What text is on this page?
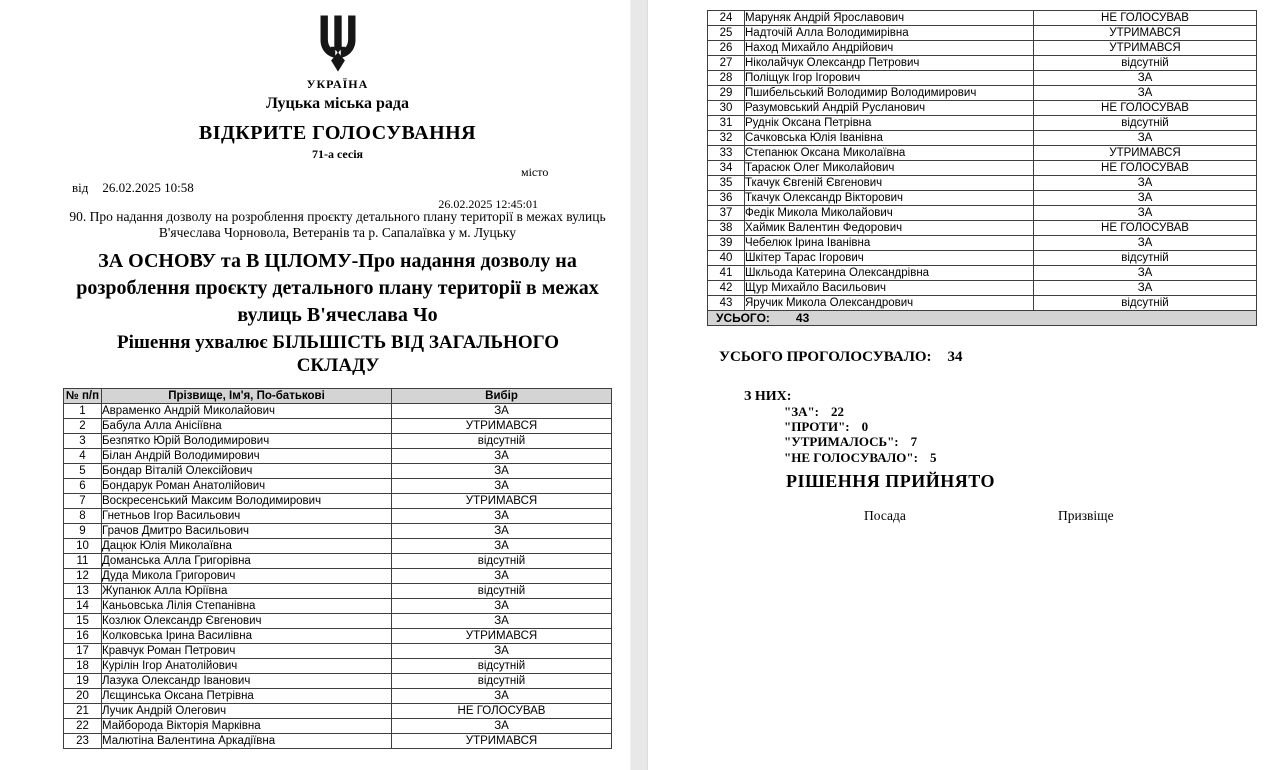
УКРАЇНА
Луцька міська рада
ВІДКРИТЕ ГОЛОСУВАННЯ
71-а сесія
місто
від 26.02.2025 10:58
26.02.2025 12:45:01
90. Про надання дозволу на розроблення проєкту детального плану території в межах вулиць
В'ячеслава Чорновола, Ветеранів та р. Сапалаївка у м. Луцьку
ЗА ОСНОВУ та В ЦІЛОМУ-Про надання дозволу на розроблення проєкту детального плану території в межах вулиць В'ячеслава Чо
Рішення ухвалює БІЛЬШІСТЬ ВІД ЗАГАЛЬНОГО СКЛАДУ
№ п/п	Прізвище, Ім'я, По-батькові	Вибір
1	Авраменко Андрій Миколайович	ЗА
2	Бабула Алла Анісіївна	УТРИМАВСЯ
3	Безпятко Юрій Володимирович	відсутній
4	Білан Андрій Володимирович	ЗА
5	Бондар Віталій Олексійович	ЗА
6	Бондарук Роман Анатолійович	ЗА
7	Воскресенський Максим Володимирович	УТРИМАВСЯ
8	Гнетньов Ігор Васильович	ЗА
9	Грачов Дмитро Васильович	ЗА
10	Дацюк Юлія Миколаївна	ЗА
11	Доманська Алла Григорівна	відсутній
12	Дуда Микола Григорович	ЗА
13	Жупанюк Алла Юріївна	відсутній
14	Каньовська Лілія Степанівна	ЗА
15	Козлюк Олександр Євгенович	ЗА
16	Колковська Ірина Василівна	УТРИМАВСЯ
17	Кравчук Роман Петрович	ЗА
18	Курілін Ігор Анатолійович	відсутній
19	Лазука Олександр Іванович	відсутній
20	Лєщинська Оксана Петрівна	ЗА
21	Лучик Андрій Олегович	НЕ ГОЛОСУВАВ
22	Майборода Вікторія Марківна	ЗА
23	Малютіна Валентина Аркадіївна	УТРИМАВСЯ
24	Маруняк Андрій Ярославович	НЕ ГОЛОСУВАВ
25	Надточій Алла Володимирівна	УТРИМАВСЯ
26	Наход Михайло Андрійович	УТРИМАВСЯ
27	Ніколайчук Олександр Петрович	відсутній
28	Поліщук Ігор Ігорович	ЗА
29	Пшибельський Володимир Володимирович	ЗА
30	Разумовський Андрій Русланович	НЕ ГОЛОСУВАВ
31	Руднік Оксана Петрівна	відсутній
32	Сачковська Юлія Іванівна	ЗА
33	Степанюк Оксана Миколаївна	УТРИМАВСЯ
34	Тарасюк Олег Миколайович	НЕ ГОЛОСУВАВ
35	Ткачук Євгеній Євгенович	ЗА
36	Ткачук Олександр Вікторович	ЗА
37	Федік Микола Миколайович	ЗА
38	Хаймик Валентин Федорович	НЕ ГОЛОСУВАВ
39	Чебелюк Ірина Іванівна	ЗА
40	Шкітер Тарас Ігорович	відсутній
41	Шкльода Катерина Олександрівна	ЗА
42	Щур Михайло Васильович	ЗА
43	Яручик Микола Олександрович	відсутній
УСЬОГО: 43		
УСЬОГО ПРОГОЛОСУВАЛО: 34
З НИХ:
"ЗА": 22
"ПРОТИ": 0
"УТРИМАЛОСЬ": 7
"НЕ ГОЛОСУВАЛО": 5
РІШЕННЯ ПРИЙНЯТО
Посада	Призвіще
